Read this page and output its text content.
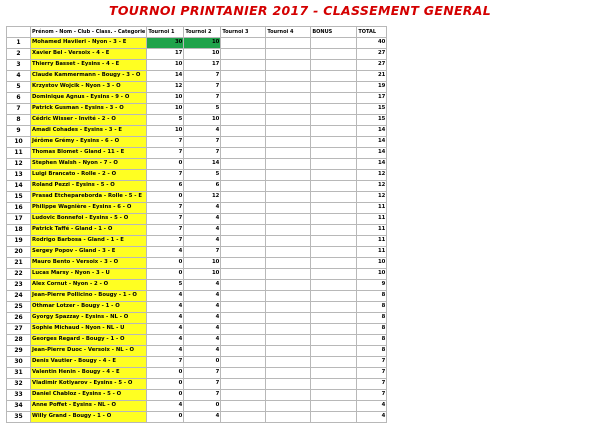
TOURNOI PRINTANIER 2017 - CLASSEMENT GENERAL
	Prénom - Nom - Club - Class. - Categorie	Tournoi 1	Tournoi 2	Tournoi 3	Tournoi 4	BONUS	TOTAL
1	Mohamed Haviieri - Nyon - 3 - E	30	10				40
2	Xavier Bel - Versoix - 4 - E	17	10				27
3	Thierry Basset - Eysins - 4 - E	10	17				27
4	Claude Kammermann - Bougy - 3 - O	14	7				21
5	Krzystov Wojcik - Nyon - 3 - O	12	7				19
6	Dominique Agnus - Eysins - 9 - O	10	7				17
7	Patrick Gusman - Eysins - 3 - O	10	5				15
8	Cédric Wisser - Invité - 2 - O	5	10				15
9	Amadi Cohades - Eysins - 3 - E	10	4				14
10	Jérôme Grémy - Eysins - 6 - O	7	7				14
11	Thomas Blomet - Gland - 11 - E	7	7				14
12	Stephen Walsh - Nyon - 7 - O	0	14				14
13	Luigi Brancato - Rolle - 2 - O	7	5				12
14	Roland Pezzi - Eysins - 5 - O	6	6				12
15	Prasad Etcheparebordа - Rolle - 5 - E	0	12				12
16	Philippe Wagnière - Eysins - 6 - O	7	4				11
17	Ludovic Bonnefoi - Eysins - 5 - O	7	4				11
18	Patrick Taffé - Gland - 1 - O	7	4				11
19	Rodrigo Barbosa - Gland - 1 - E	7	4				11
20	Sergey Popov - Gland - 3 - E	4	7				11
21	Mauro Bento - Versoix - 3 - O	0	10				10
22	Lucas Marsy - Nyon - 3 - U	0	10				10
23	Alex Cornut - Nyon - 2 - O	5	4				9
24	Jean-Pierre Pollicino - Bougy - 1 - O	4	4				8
25	Othmar Lotzer - Bougy - 1 - O	4	4				8
26	Gyorgy Spazzay - Eysins - NL - O	4	4				8
27	Sophie Michaud - Nyon - NL - U	4	4				8
28	Georges Regard - Bougy - 1 - O	4	4				8
29	Jean-Pierre Duoc - Versoix - NL - O	4	4				8
30	Denis Vautier - Bougy - 4 - E	7	0				7
31	Valentin Henin - Bougy - 4 - E	0	7				7
32	Vladimir Kotlyarov - Eysins - 5 - O	0	7				7
33	Daniel Chabloz - Eysins - 5 - O	0	7				7
34	Anne Poffet - Eysins - NL - O	4	0				4
35	Willy Grand - Bougy - 1 - O	0	4				4
